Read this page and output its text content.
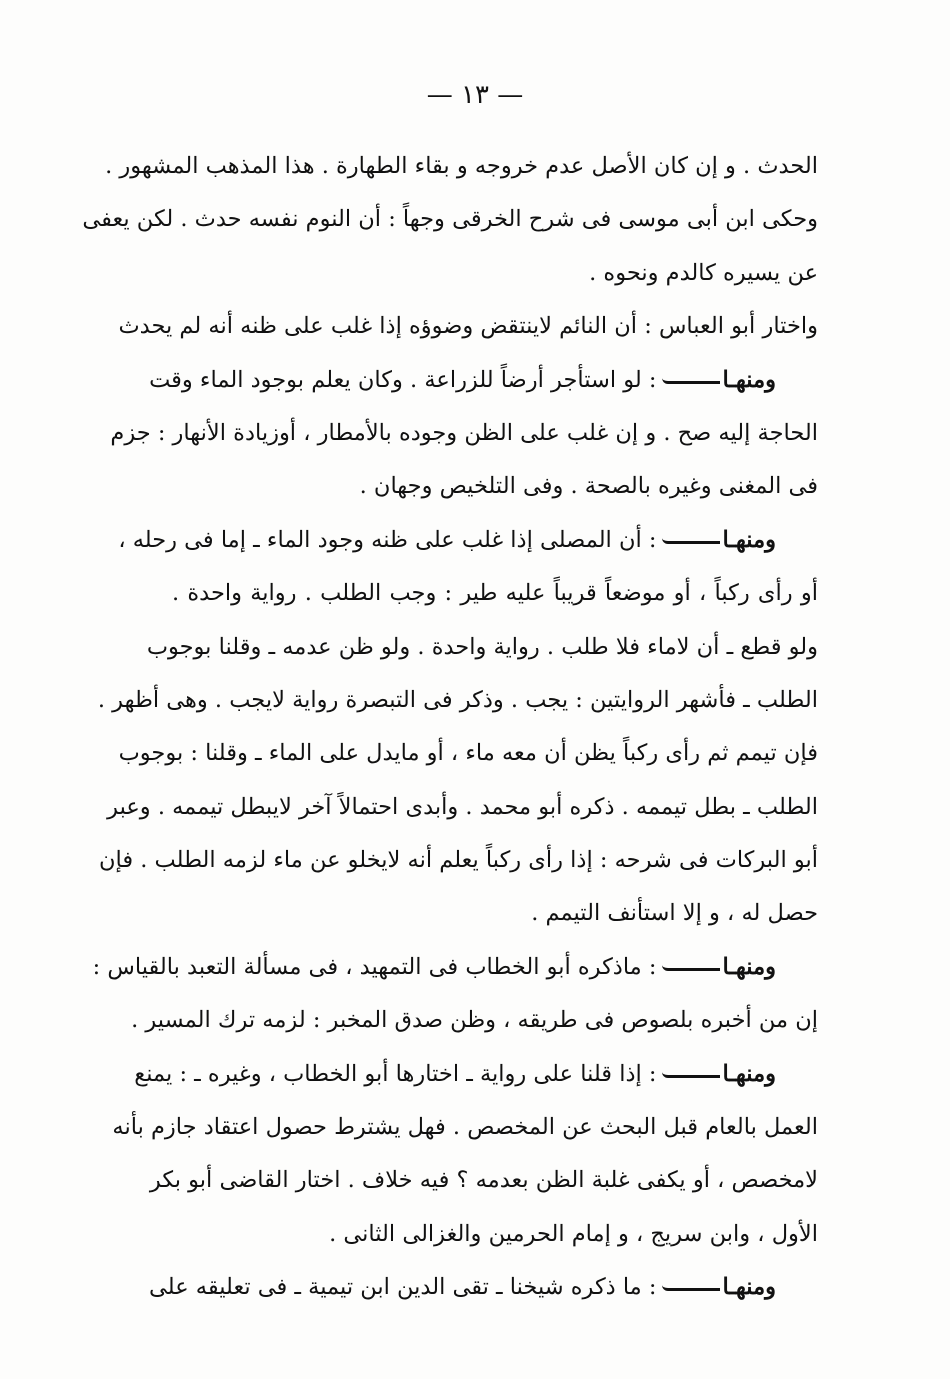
— ١٣ —
الحدث . و إن كان الأصل عدم خروجه و بقاء الطهارة . هذا المذهب المشهور .
وحكى ابن أبى موسى فى شرح الخرقى وجهاً : أن النوم نفسه حدث . لكن يعفى
عن يسيره كالدم ونحوه .
واختار أبو العباس : أن النائم لاينتقض وضوؤه إذا غلب على ظنه أنه لم يحدث
ومنهـا: لو استأجر أرضاً للزراعة . وكان يعلم بوجود الماء وقت
الحاجة إليه صح . و إن غلب على الظن وجوده بالأمطار ، أوزيادة الأنهار : جزم
فى المغنى وغيره بالصحة . وفى التلخيص وجهان .
ومنهـا: أن المصلى إذا غلب على ظنه وجود الماء ـ إما فى رحله ،
أو رأى ركباً ، أو موضعاً قريباً عليه طير : وجب الطلب . رواية واحدة .
ولو قطع ـ أن لاماء فلا طلب . رواية واحدة . ولو ظن عدمه ـ وقلنا بوجوب
الطلب ـ فأشهر الروايتين : يجب . وذكر فى التبصرة رواية لايجب . وهى أظهر .
فإن تيمم ثم رأى ركباً يظن أن معه ماء ، أو مايدل على الماء ـ وقلنا : بوجوب
الطلب ـ بطل تيممه . ذكره أبو محمد . وأبدى احتمالاً آخر لايبطل تيممه . وعبر
أبو البركات فى شرحه : إذا رأى ركباً يعلم أنه لايخلو عن ماء لزمه الطلب . فإن
حصل له ، و إلا استأنف التيمم .
ومنهـا: ماذكره أبو الخطاب فى التمهيد ، فى مسألة التعبد بالقياس :
إن من أخبره بلصوص فى طريقه ، وظن صدق المخبر : لزمه ترك المسير .
ومنهـا: إذا قلنا على رواية ـ اختارها أبو الخطاب ، وغيره ـ : يمنع
العمل بالعام قبل البحث عن المخصص . فهل يشترط حصول اعتقاد جازم بأنه
لامخصص ، أو يكفى غلبة الظن بعدمه ؟ فيه خلاف . اختار القاضى أبو بكر
الأول ، وابن سريج ، و إمام الحرمين والغزالى الثانى .
ومنهـا: ما ذكره شيخنا ـ تقى الدين ابن تيمية ـ فى تعليقه على
